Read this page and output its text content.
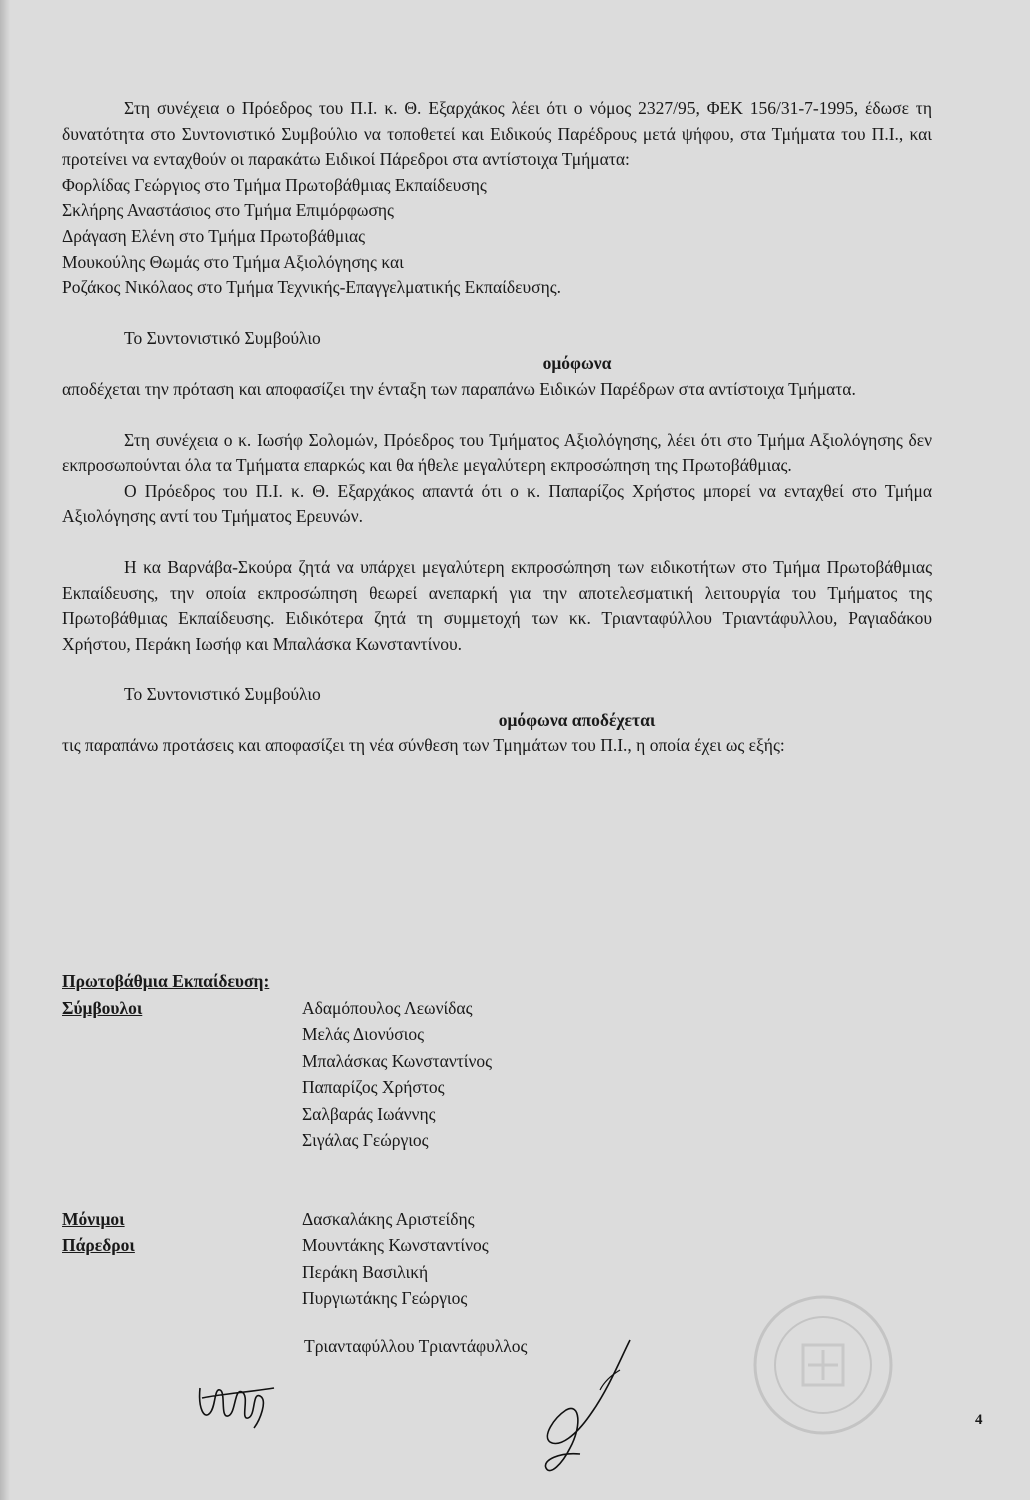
Στη συνέχεια ο Πρόεδρος του Π.Ι. κ. Θ. Εξαρχάκος λέει ότι ο νόμος 2327/95, ΦΕΚ 156/31-7-1995, έδωσε τη δυνατότητα στο Συντονιστικό Συμβούλιο να τοποθετεί και Ειδικούς Παρέδρους μετά ψήφου, στα Τμήματα του Π.Ι., και προτείνει να ενταχθούν οι παρακάτω Ειδικοί Πάρεδροι στα αντίστοιχα Τμήματα:

Φορλίδας Γεώργιος στο Τμήμα Πρωτοβάθμιας Εκπαίδευσης
Σκλήρης Αναστάσιος στο Τμήμα Επιμόρφωσης
Δράγαση Ελένη στο Τμήμα Πρωτοβάθμιας
Μουκούλης Θωμάς στο Τμήμα Αξιολόγησης και
Ροζάκος Νικόλαος στο Τμήμα Τεχνικής-Επαγγελματικής Εκπαίδευσης.

Το Συντονιστικό Συμβούλιο

ομόφωνα

αποδέχεται την πρόταση και αποφασίζει την ένταξη των παραπάνω Ειδικών Παρέδρων στα αντίστοιχα Τμήματα.

Στη συνέχεια ο κ. Ιωσήφ Σολομών, Πρόεδρος του Τμήματος Αξιολόγησης, λέει ότι στο Τμήμα Αξιολόγησης δεν εκπροσωπούνται όλα τα Τμήματα επαρκώς και θα ήθελε μεγαλύτερη εκπροσώπηση της Πρωτοβάθμιας.

Ο Πρόεδρος του Π.Ι. κ. Θ. Εξαρχάκος απαντά ότι ο κ. Παπαρίζος Χρήστος μπορεί να ενταχθεί στο Τμήμα Αξιολόγησης αντί του Τμήματος Ερευνών.

Η κα Βαρνάβα-Σκούρα ζητά να υπάρχει μεγαλύτερη εκπροσώπηση των ειδικοτήτων στο Τμήμα Πρωτοβάθμιας Εκπαίδευσης, την οποία εκπροσώπηση θεωρεί ανεπαρκή για την αποτελεσματική λειτουργία του Τμήματος της Πρωτοβάθμιας Εκπαίδευσης. Ειδικότερα ζητά τη συμμετοχή των κκ. Τριανταφύλλου Τριαντάφυλλου, Ραγιαδάκου Χρήστου, Περάκη Ιωσήφ και Μπαλάσκα Κωνσταντίνου.

Το Συντονιστικό Συμβούλιο

ομόφωνα αποδέχεται

τις παραπάνω προτάσεις και αποφασίζει τη νέα σύνθεση των Τμημάτων του Π.Ι., η οποία έχει ως εξής:

Πρωτοβάθμια Εκπαίδευση:
Σύμβουλοι	Αδαμόπουλος Λεωνίδας
Μελάς Διονύσιος
Μπαλάσκας Κωνσταντίνος
Παπαρίζος Χρήστος
Σαλβαράς Ιωάννης
Σιγάλας Γεώργιος
Μόνιμοι
Πάρεδροι
Δασκαλάκης Αριστείδης
Μουντάκης Κωνσταντίνος
Περάκη Βασιλική
Πυργιωτάκης Γεώργιος
Τριανταφύλλου Τριαντάφυλλος
4
